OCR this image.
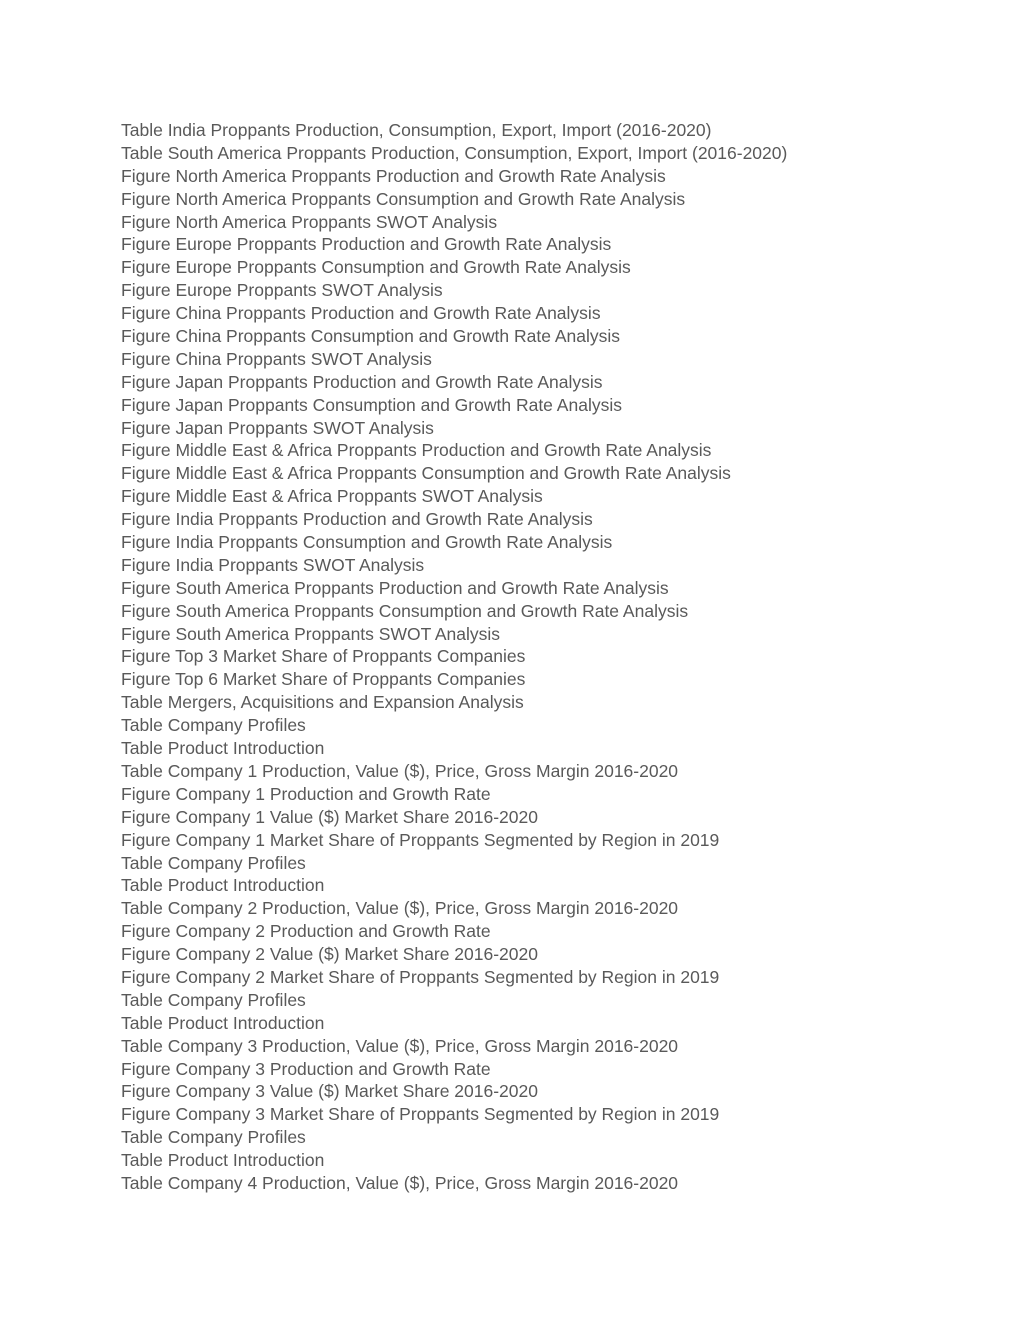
Table India Proppants Production, Consumption, Export, Import (2016-2020)
Table South America Proppants Production, Consumption, Export, Import (2016-2020)
Figure North America Proppants Production and Growth Rate Analysis
Figure North America Proppants Consumption and Growth Rate Analysis
Figure North America Proppants SWOT Analysis
Figure Europe Proppants Production and Growth Rate Analysis
Figure Europe Proppants Consumption and Growth Rate Analysis
Figure Europe Proppants SWOT Analysis
Figure China Proppants Production and Growth Rate Analysis
Figure China Proppants Consumption and Growth Rate Analysis
Figure China Proppants SWOT Analysis
Figure Japan Proppants Production and Growth Rate Analysis
Figure Japan Proppants Consumption and Growth Rate Analysis
Figure Japan Proppants SWOT Analysis
Figure Middle East & Africa Proppants Production and Growth Rate Analysis
Figure Middle East & Africa Proppants Consumption and Growth Rate Analysis
Figure Middle East & Africa Proppants SWOT Analysis
Figure India Proppants Production and Growth Rate Analysis
Figure India Proppants Consumption and Growth Rate Analysis
Figure India Proppants SWOT Analysis
Figure South America Proppants Production and Growth Rate Analysis
Figure South America Proppants Consumption and Growth Rate Analysis
Figure South America Proppants SWOT Analysis
Figure Top 3 Market Share of Proppants Companies
Figure Top 6 Market Share of Proppants Companies
Table Mergers, Acquisitions and Expansion Analysis
Table Company Profiles
Table Product Introduction
Table Company 1 Production, Value ($), Price, Gross Margin 2016-2020
Figure Company 1 Production and Growth Rate
Figure Company 1 Value ($) Market Share 2016-2020
Figure Company 1 Market Share of Proppants Segmented by Region in 2019
Table Company Profiles
Table Product Introduction
Table Company 2 Production, Value ($), Price, Gross Margin 2016-2020
Figure Company 2 Production and Growth Rate
Figure Company 2 Value ($) Market Share 2016-2020
Figure Company 2 Market Share of Proppants Segmented by Region in 2019
Table Company Profiles
Table Product Introduction
Table Company 3 Production, Value ($), Price, Gross Margin 2016-2020
Figure Company 3 Production and Growth Rate
Figure Company 3 Value ($) Market Share 2016-2020
Figure Company 3 Market Share of Proppants Segmented by Region in 2019
Table Company Profiles
Table Product Introduction
Table Company 4 Production, Value ($), Price, Gross Margin 2016-2020
